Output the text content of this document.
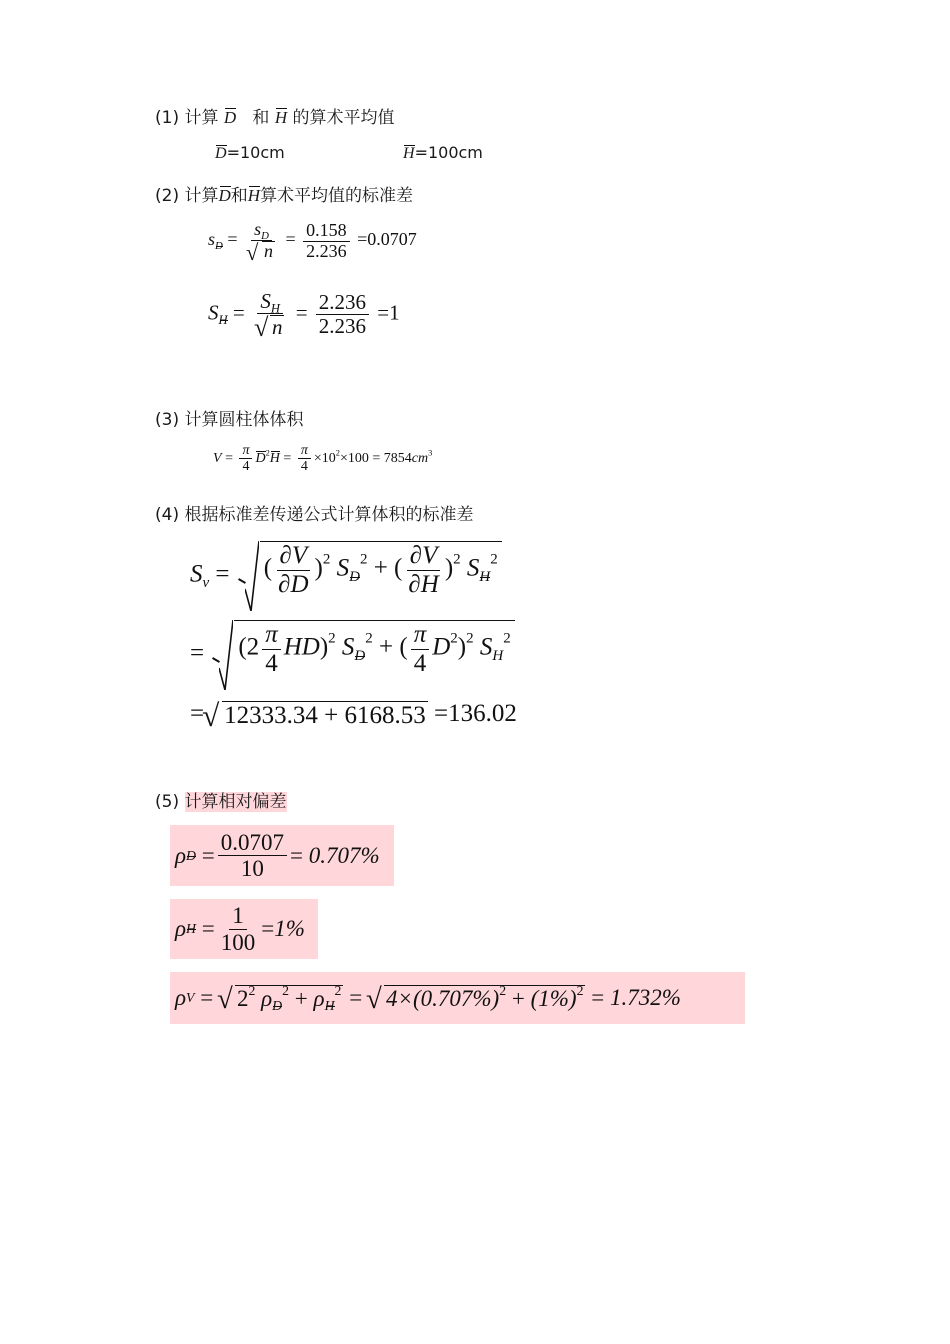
(1) 计算 D 和 H 的算术平均值
D=10cm	H=100cm
(2) 计算D和H算术平均值的标准差
$s_D = s_D$
√ $n = \frac{0.158}{2.236} =0.0707$
$S_H = S_H$
√ $n = \frac{2.236}{2.236} =1$
(3) 计算圆柱体体积
$V = \frac{\pi}{4} D^2H = \frac{\pi}{4} \times 10^2\times 100 = 7854cm^3$
(4) 根据标准差传递公式计算体积的标准差
$S_v$ =
( $\frac{\partial V}{\partial D} )^2$ $S_D^2$ + ( $\frac{\partial V}{\partial H} )^2$ $S_H^2$
=
$(2 \frac{\pi}{4} HD)^2$ $S_D^2$ + ( $\frac{\pi}{4} D^2)^2$ $S_H^2$
= √ 12333.34 + 6168.53 =136.02
(5) 计算相对偏差
ρ $D = \frac{0.0707}{10} = 0.707\%$
ρ $H = \frac{1}{100} = 1\%$
ρ V = √ $2^2$ $\rho_D^2 + \rho_H^2$ = √ $4\times(0.707\%)^2 + (1\%)^2 = 1.732\%$
